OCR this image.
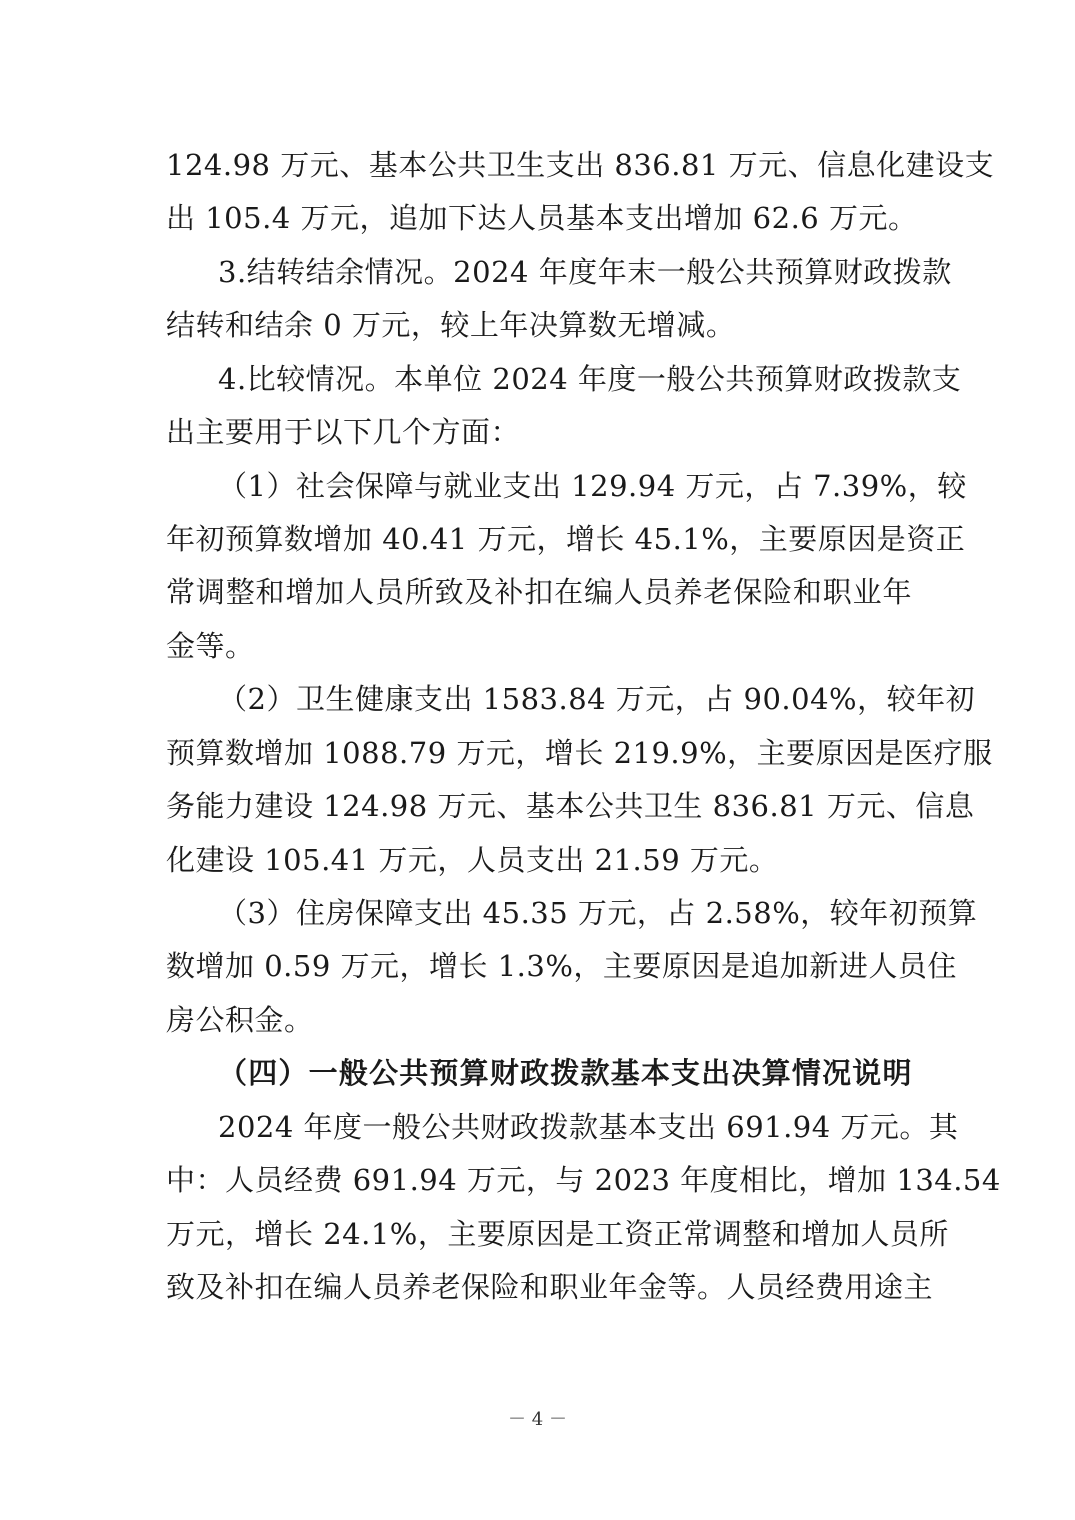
124.98 万元、基本公共卫生支出 836.81 万元、信息化建设支
出 105.4 万元，追加下达人员基本支出增加 62.6 万元。
3.结转结余情况。2024 年度年末一般公共预算财政拨款
结转和结余 0 万元，较上年决算数无增减。
4.比较情况。本单位 2024 年度一般公共预算财政拨款支
出主要用于以下几个方面：
（1）社会保障与就业支出 129.94 万元，占 7.39%，较
年初预算数增加 40.41 万元，增长 45.1%，主要原因是资正
常调整和增加人员所致及补扣在编人员养老保险和职业年
金等。
（2）卫生健康支出 1583.84 万元，占 90.04%，较年初
预算数增加 1088.79 万元，增长 219.9%，主要原因是医疗服
务能力建设 124.98 万元、基本公共卫生 836.81 万元、信息
化建设 105.41 万元，人员支出 21.59 万元。
（3）住房保障支出 45.35 万元，占 2.58%，较年初预算
数增加 0.59 万元，增长 1.3%，主要原因是追加新进人员住
房公积金。
（四）一般公共预算财政拨款基本支出决算情况说明
2024 年度一般公共财政拨款基本支出 691.94 万元。其
中：人员经费 691.94 万元，与 2023 年度相比，增加 134.54
万元，增长 24.1%，主要原因是工资正常调整和增加人员所
致及补扣在编人员养老保险和职业年金等。人员经费用途主
－ 4 －
